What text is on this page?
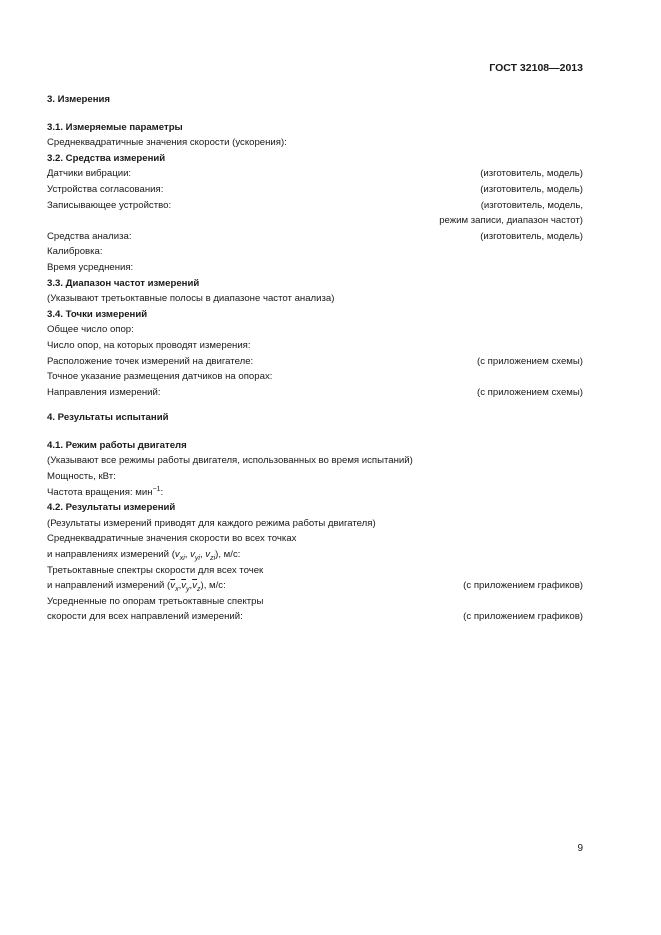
ГОСТ 32108—2013
3. Измерения
3.1. Измеряемые параметры
Среднеквадратичные значения скорости (ускорения):
3.2. Средства измерений
Датчики вибрации:	(изготовитель, модель)
Устройства согласования:	(изготовитель, модель)
Записывающее устройство:	(изготовитель, модель,
режим записи, диапазон частот)
Средства анализа:	(изготовитель, модель)
Калибровка:
Время усреднения:
3.3. Диапазон частот измерений
(Указывают третьоктавные полосы в диапазоне частот анализа)
3.4. Точки измерений
Общее число опор:
Число опор, на которых проводят измерения:
Расположение точек измерений на двигателе:	(с приложением схемы)
Точное указание размещения датчиков на опорах:
Направления измерений:	(с приложением схемы)
4. Результаты испытаний
4.1. Режим работы двигателя
(Указывают все режимы работы двигателя, использованных во время испытаний)
Мощность, кВт:
Частота вращения: мин$^{-1}$:
4.2. Результаты измерений
(Результаты измерений приводят для каждого режима работы двигателя)
Среднеквадратичные значения скорости во всех точках
и направлениях измерений ($v_{xi}$, $v_{yi}$, $v_{zi}$), м/с:
Третьоктавные спектры скорости для всех точек
и направлений измерений $(\overline{v}_x,\overline{v}_y,\overline{v}_z)$, м/с:	(с приложением графиков)
Усредненные по опорам третьоктавные спектры
скорости для всех направлений измерений:	(с приложением графиков)
9
